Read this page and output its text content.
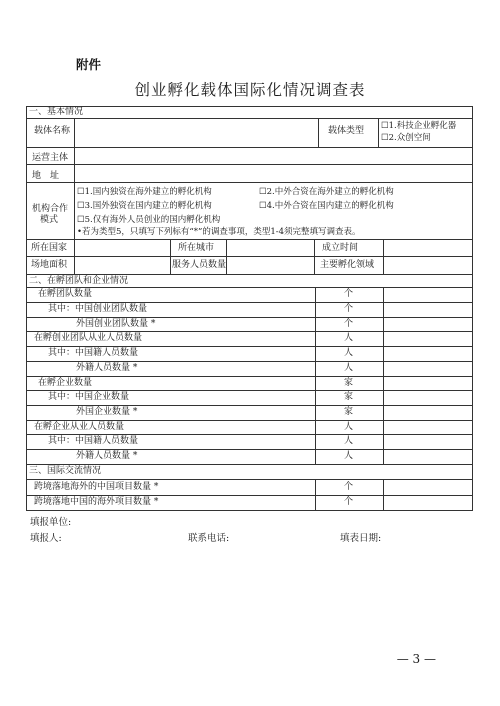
附件
创业孵化载体国际化情况调查表
一、基本情况
载体名称	载体类型 ☐1.科技企业孵化器
☐2.众创空间
运营主体
地　址
机构合作
模式
☐1.国内独资在海外建立的孵化机构	☐2.中外合资在海外建立的孵化机构
☐3.国外独资在国内建立的孵化机构	☐4.中外合资在国内建立的孵化机构
☐5.仅有海外人员创业的国内孵化机构
•若为类型5，只填写下列标有“*”的调查事项，类型1-4须完整填写调查表。
所在国家	所在城市	成立时间
场地面积	服务人员数量	主要孵化领域
二、在孵团队和企业情况
在孵团队数量	个
其中：中国创业团队数量	个
外国创业团队数量 *	个
在孵创业团队从业人员数量	人
其中：中国籍人员数量	人
外籍人员数量 *	人
在孵企业数量	家
其中：中国企业数量	家
外国企业数量 *	家
在孵企业从业人员数量	人
其中：中国籍人员数量	人
外籍人员数量 *	人
三、国际交流情况
跨境落地海外的中国项目数量 *	个
跨境落地中国的海外项目数量 *	个
填报单位:
填报人:	联系电话:	填表日期:
— 3 —
